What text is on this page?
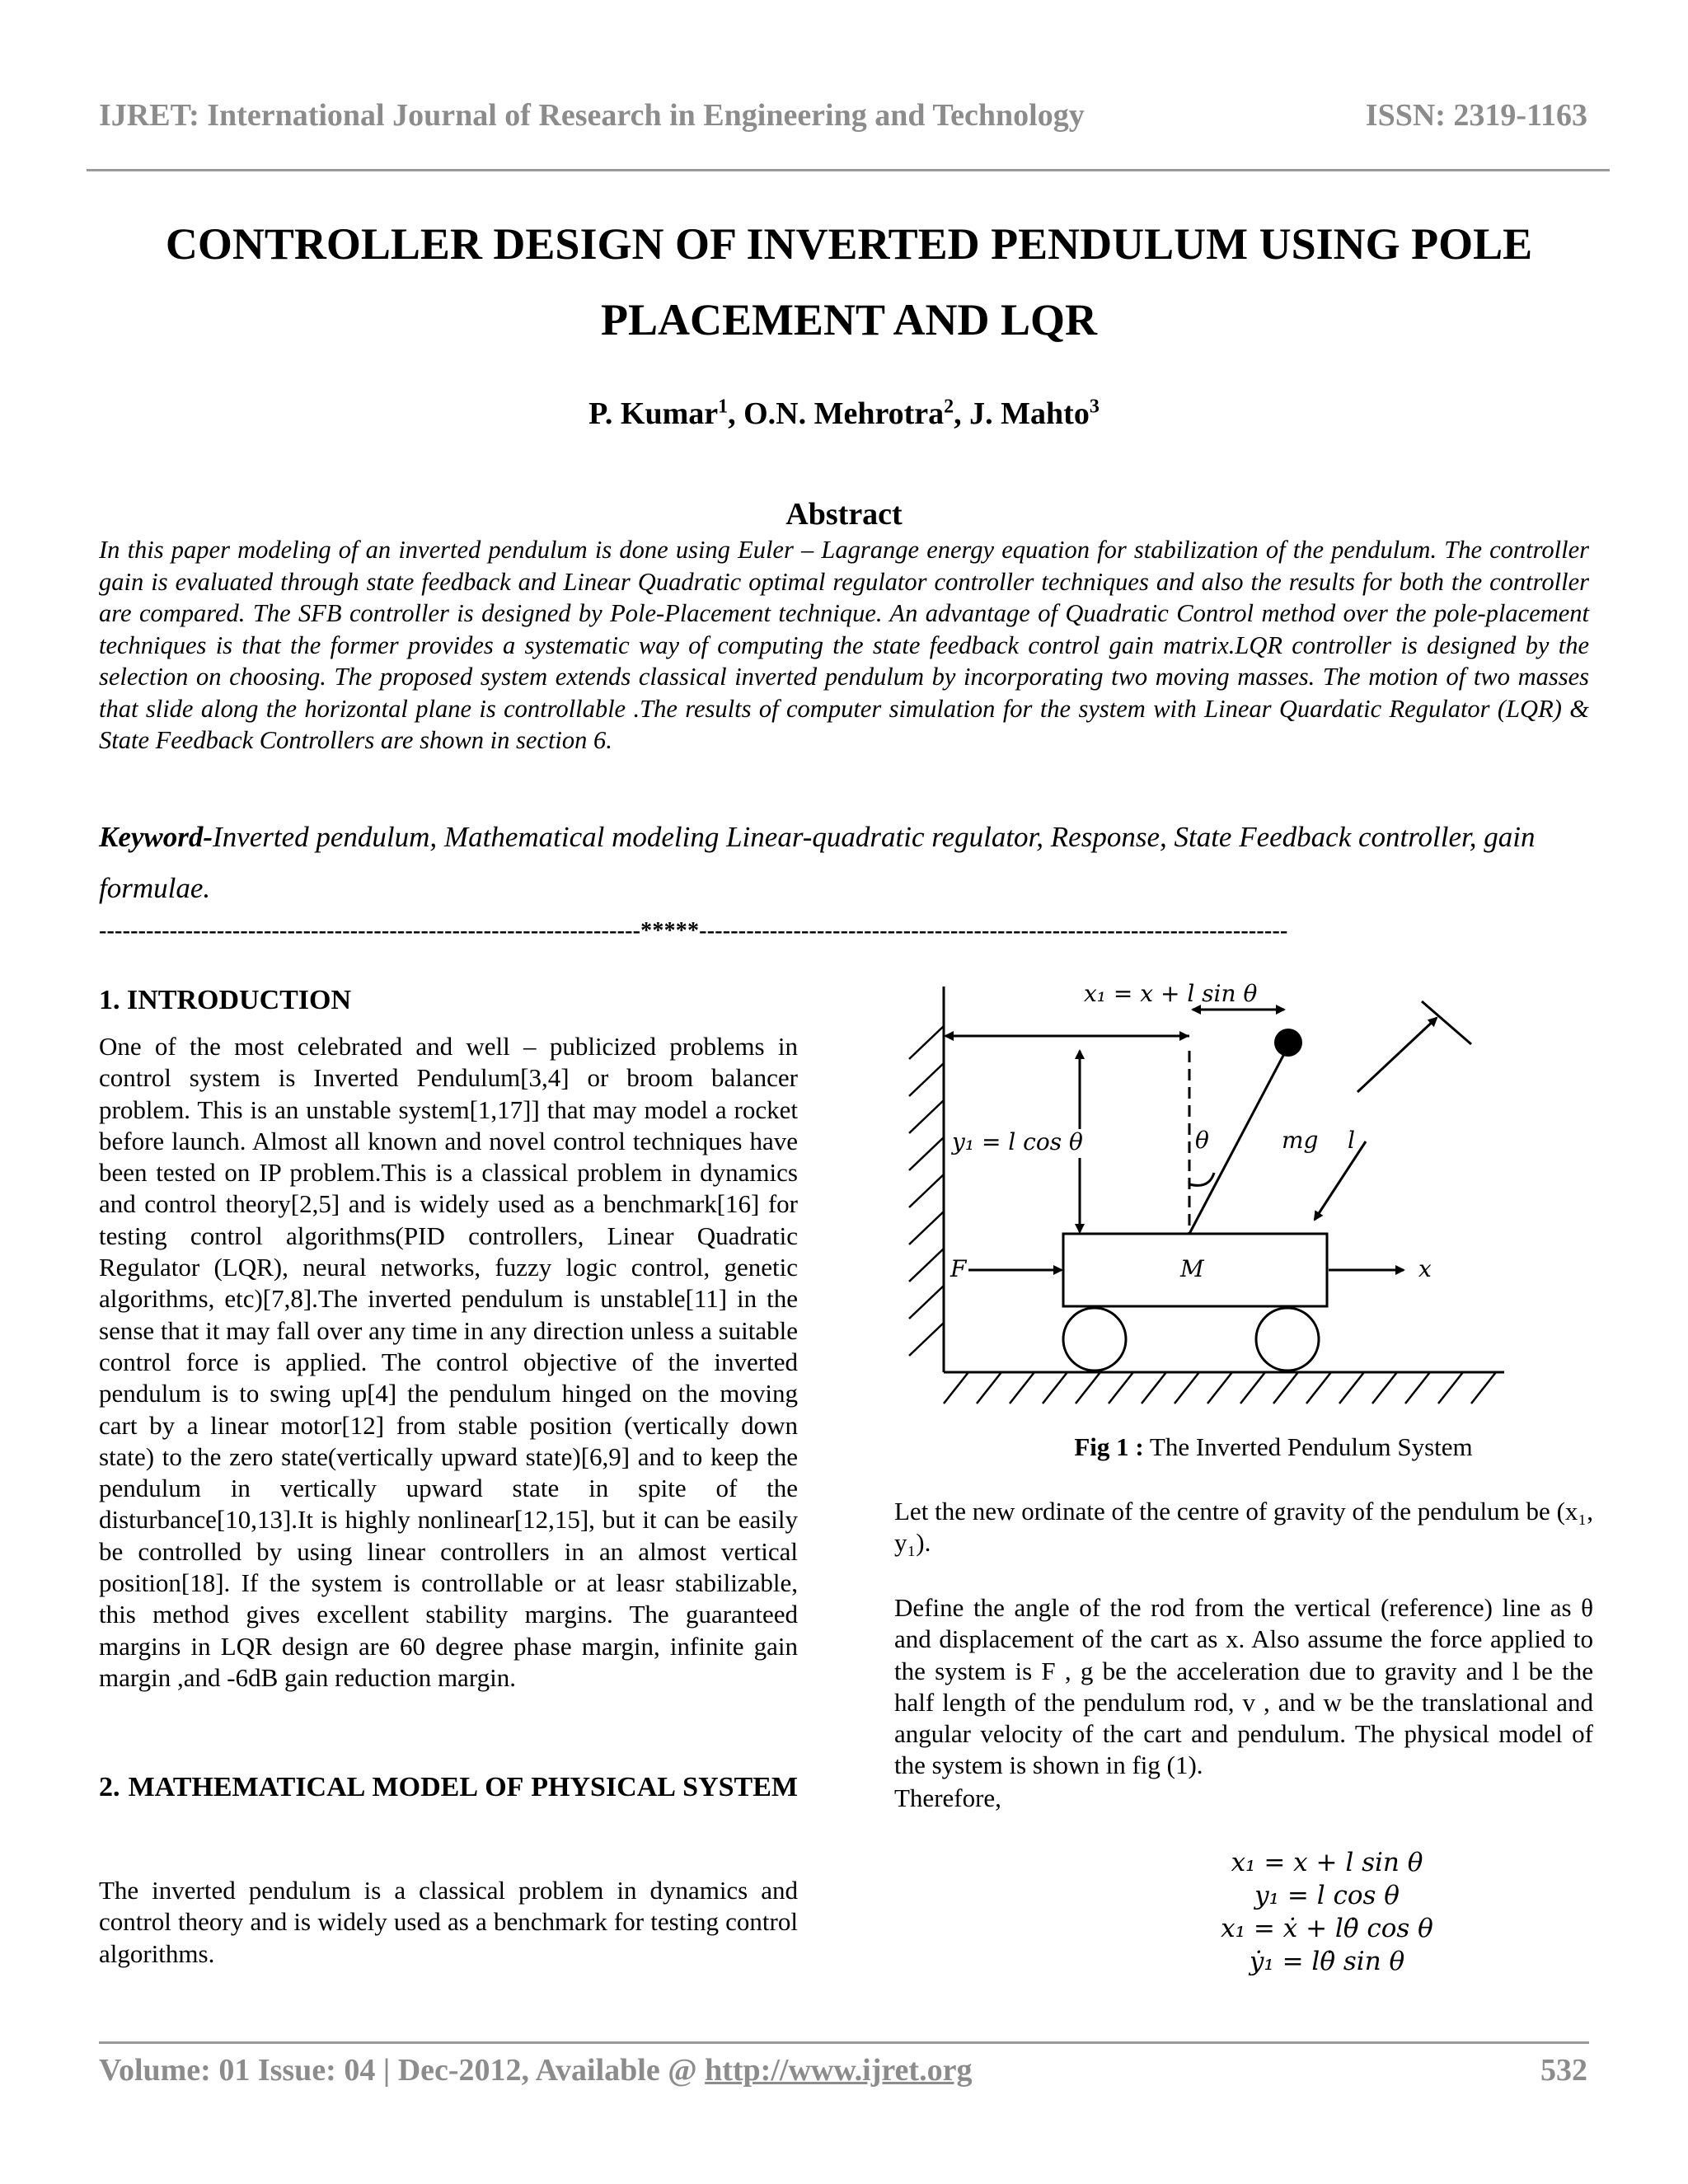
IJRET: International Journal of Research in Engineering and Technology	ISSN: 2319-1163
CONTROLLER DESIGN OF INVERTED PENDULUM USING POLE
PLACEMENT AND LQR
P. Kumar$^1$, O.N. Mehrotra$^2$, J. Mahto$^3$
Abstract
In this paper modeling of an inverted pendulum is done using Euler – Lagrange energy equation for stabilization of the pendulum. The controller gain is evaluated through state feedback and Linear Quadratic optimal regulator controller techniques and also the results for both the controller are compared. The SFB controller is designed by Pole-Placement technique. An advantage of Quadratic Control method over the pole-placement techniques is that the former provides a systematic way of computing the state feedback control gain matrix.LQR controller is designed by the selection on choosing. The proposed system extends classical inverted pendulum by incorporating two moving masses. The motion of two masses that slide along the horizontal plane is controllable .The results of computer simulation for the system with Linear Quardatic Regulator (LQR) & State Feedback Controllers are shown in section 6.
Keyword-Inverted pendulum, Mathematical modeling Linear-quadratic regulator, Response, State Feedback controller, gain formulae.
---------------------------------------------------------------------*****---------------------------------------------------------------------------
1. INTRODUCTION

One of the most celebrated and well – publicized problems in control system is Inverted Pendulum[3,4] or broom balancer problem. This is an unstable system[1,17]] that may model a rocket before launch. Almost all known and novel control techniques have been tested on IP problem.This is a classical problem in dynamics and control theory[2,5] and is widely used as a benchmark[16] for testing control algorithms(PID controllers, Linear Quadratic Regulator (LQR), neural networks, fuzzy logic control, genetic algorithms, etc)[7,8].The inverted pendulum is unstable[11] in the sense that it may fall over any time in any direction unless a suitable control force is applied. The control objective of the inverted pendulum is to swing up[4] the pendulum hinged on the moving cart by a linear motor[12] from stable position (vertically down state) to the zero state(vertically upward state)[6,9] and to keep the pendulum in vertically upward state in spite of the disturbance[10,13].It is highly nonlinear[12,15], but it can be easily be controlled by using linear controllers in an almost vertical position[18]. If the system is controllable or at leasr stabilizable, this method gives excellent stability margins. The guaranteed margins in LQR design are 60 degree phase margin, infinite gain margin ,and -6dB gain reduction margin.

2. MATHEMATICAL MODEL OF PHYSICAL SYSTEM
The inverted pendulum is a classical problem in dynamics and control theory and is widely used as a benchmark for testing control algorithms.
x₁ = x + l sin θ
y₁ = l cos θ	θ	mg l
F	M	x
Fig 1 : The Inverted Pendulum System

Let the new ordinate of the centre of gravity of the pendulum be (x₁, y₁).

Define the angle of the rod from the vertical (reference) line as θ and displacement of the cart as x. Also assume the force applied to the system is F , g be the acceleration due to gravity and l be the half length of the pendulum rod, v , and w be the translational and angular velocity of the cart and pendulum. The physical model of the system is shown in fig (1).

Therefore,

x₁ = x + l sin θ
y₁ = l cos θ
x₁ = ẋ + lθ̇ cos θ
ẏ₁ = lθ̇ sin θ
Volume: 01 Issue: 04 | Dec-2012, Available @ http://www.ijret.org	532
